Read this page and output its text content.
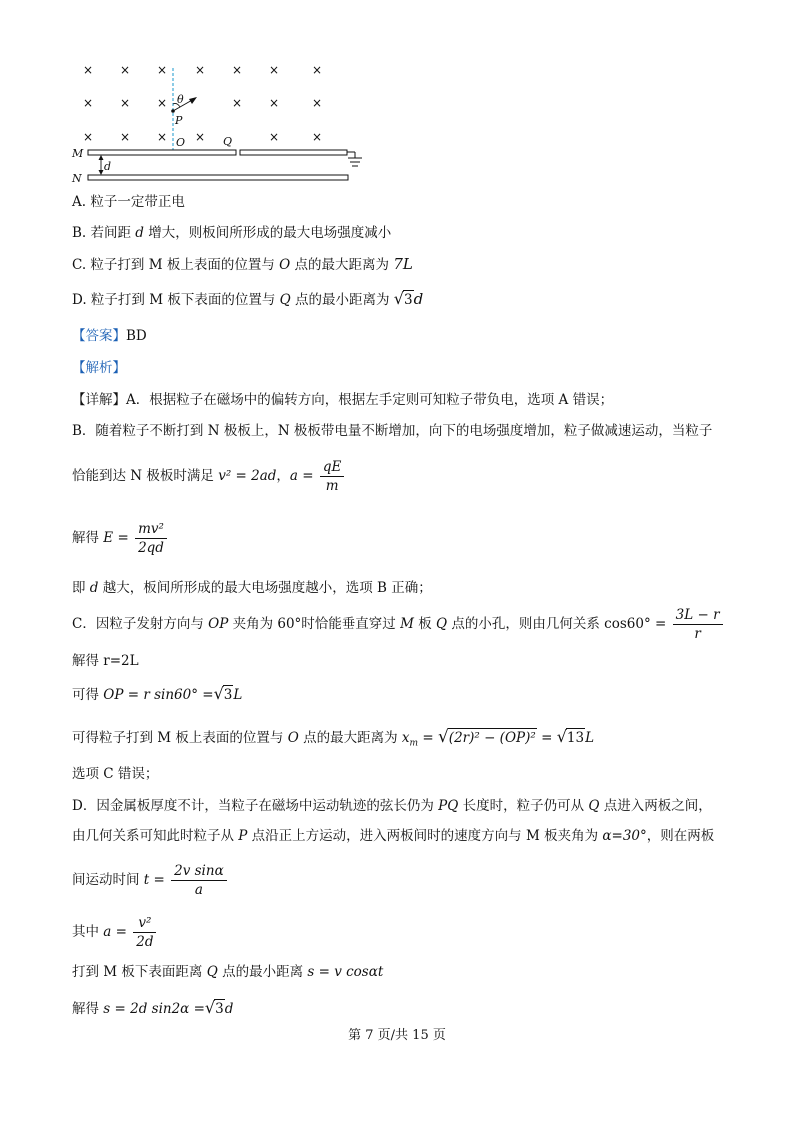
× × × × × ×	×
× × ×	× ×	×
× × × ×	×	×
θ
P
O	Q
M
N
d
A. 粒子一定带正电
B. 若间距 d 增大，则板间所形成的最大电场强度减小
C. 粒子打到 M 板上表面的位置与 O 点的最大距离为 7L
D. 粒子打到 M 板下表面的位置与 Q 点的最小距离为 √3d
【答案】BD
【解析】
【详解】A．根据粒子在磁场中的偏转方向，根据左手定则可知粒子带负电，选项 A 错误；
B．随着粒子不断打到 N 极板上，N 极板带电量不断增加，向下的电场强度增加，粒子做减速运动，当粒子
恰能到达 N 极板时满足 v² = 2ad，$a = \frac{qE}{m}$
解得 $E = \frac{\text{mv²}}{2qd}$
即 d 越大，板间所形成的最大电场强度越小，选项 B 正确；
C．因粒子发射方向与 OP 夹角为 60°时恰能垂直穿过 M 板 Q 点的小孔，则由几何关系 $\cos 60^\circ = \frac{3L - r}{r}$
解得 r=2L
可得 OP = r sin60° =√3L
可得粒子打到 M 板上表面的位置与 O 点的最大距离为 $x_m = √(2r)^2 - (OP)^2 = √13L$
选项 C 错误；
D．因金属板厚度不计，当粒子在磁场中运动轨迹的弦长仍为 PQ 长度时，粒子仍可从 Q 点进入两板之间，
由几何关系可知此时粒子从 P 点沿正上方运动，进入两板间时的速度方向与 M 板夹角为 α=30°，则在两板
间运动时间 $t = \frac{\text{2v sinα}}{a}$
其中 $a = \frac{\text{v²}}{2d}$
打到 M 板下表面距离 Q 点的最小距离 s = v cosαt
解得 s = 2d sin2α =√3d
第 7 页/共 15 页
